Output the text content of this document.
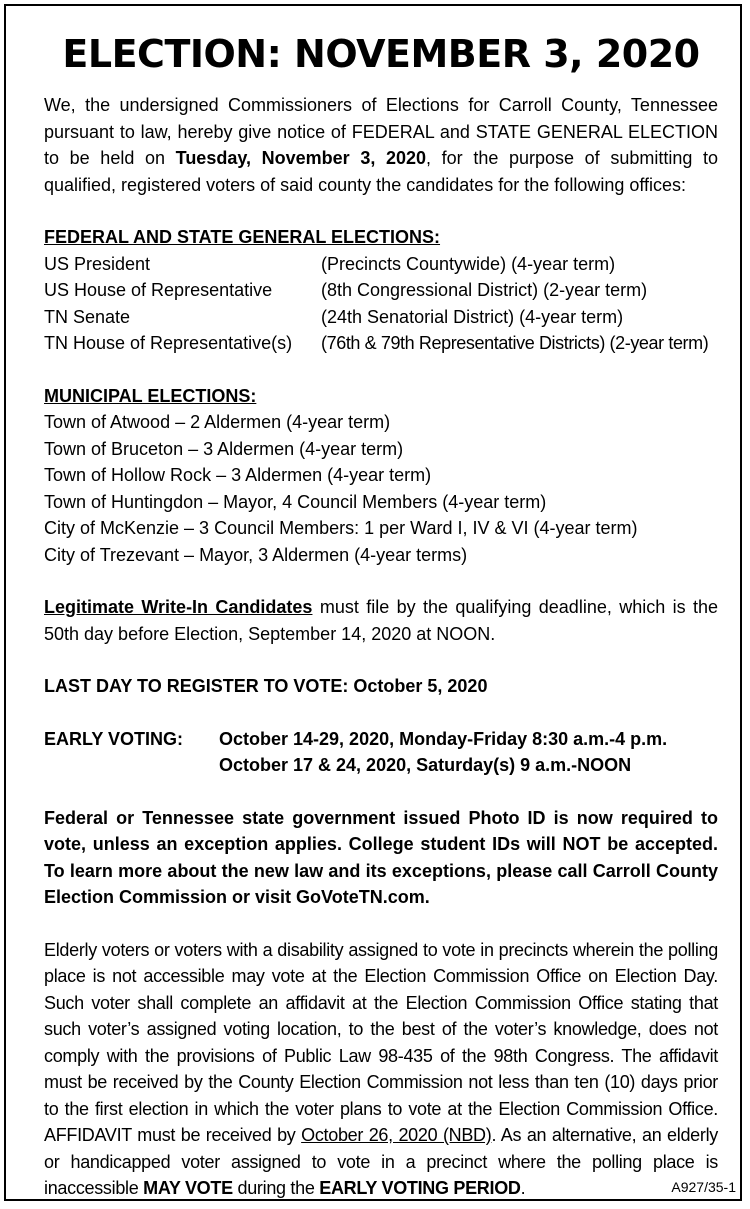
ELECTION: NOVEMBER 3, 2020

We, the undersigned Commissioners of Elections for Carroll County, Tennessee pursuant to law, hereby give notice of FEDERAL and STATE GENERAL ELECTION to be held on Tuesday, November 3, 2020, for the purpose of submitting to qualified, registered voters of said county the candidates for the following offices:

FEDERAL AND STATE GENERAL ELECTIONS:

US President	(Precincts Countywide) (4-year term)
US House of Representative	(8th Congressional District) (2-year term)
TN Senate	(24th Senatorial District) (4-year term)
TN House of Representative(s)	(76th & 79th Representative Districts) (2-year term)

MUNICIPAL ELECTIONS:

Town of Atwood – 2 Aldermen (4-year term)

Town of Bruceton – 3 Aldermen (4-year term)

Town of Hollow Rock – 3 Aldermen (4-year term)

Town of Huntingdon – Mayor, 4 Council Members (4-year term)

City of McKenzie – 3 Council Members: 1 per Ward I, IV & VI (4-year term)

City of Trezevant – Mayor, 3 Aldermen (4-year terms)

Legitimate Write-In Candidates must file by the qualifying deadline, which is the 50th day before Election, September 14, 2020 at NOON.

LAST DAY TO REGISTER TO VOTE: October 5, 2020

EARLY VOTING:	October 14-29, 2020, Monday-Friday 8:30 a.m.-4 p.m.
October 17 & 24, 2020, Saturday(s) 9 a.m.-NOON

Federal or Tennessee state government issued Photo ID is now required to vote, unless an exception applies. College student IDs will NOT be accepted. To learn more about the new law and its exceptions, please call Carroll County Election Commission or visit GoVoteTN.com.

Elderly voters or voters with a disability assigned to vote in precincts wherein the polling place is not accessible may vote at the Election Commission Office on Election Day. Such voter shall complete an affidavit at the Election Commission Office stating that such voter’s assigned voting location, to the best of the voter’s knowledge, does not comply with the provisions of Public Law 98-435 of the 98th Congress. The affidavit must be received by the County Election Commission not less than ten (10) days prior to the first election in which the voter plans to vote at the Election Commission Office. AFFIDAVIT must be received by October 26, 2020 (NBD). As an alternative, an elderly or handicapped voter assigned to vote in a precinct where the polling place is inaccessible MAY VOTE during the EARLY VOTING PERIOD.	A927/35-1
